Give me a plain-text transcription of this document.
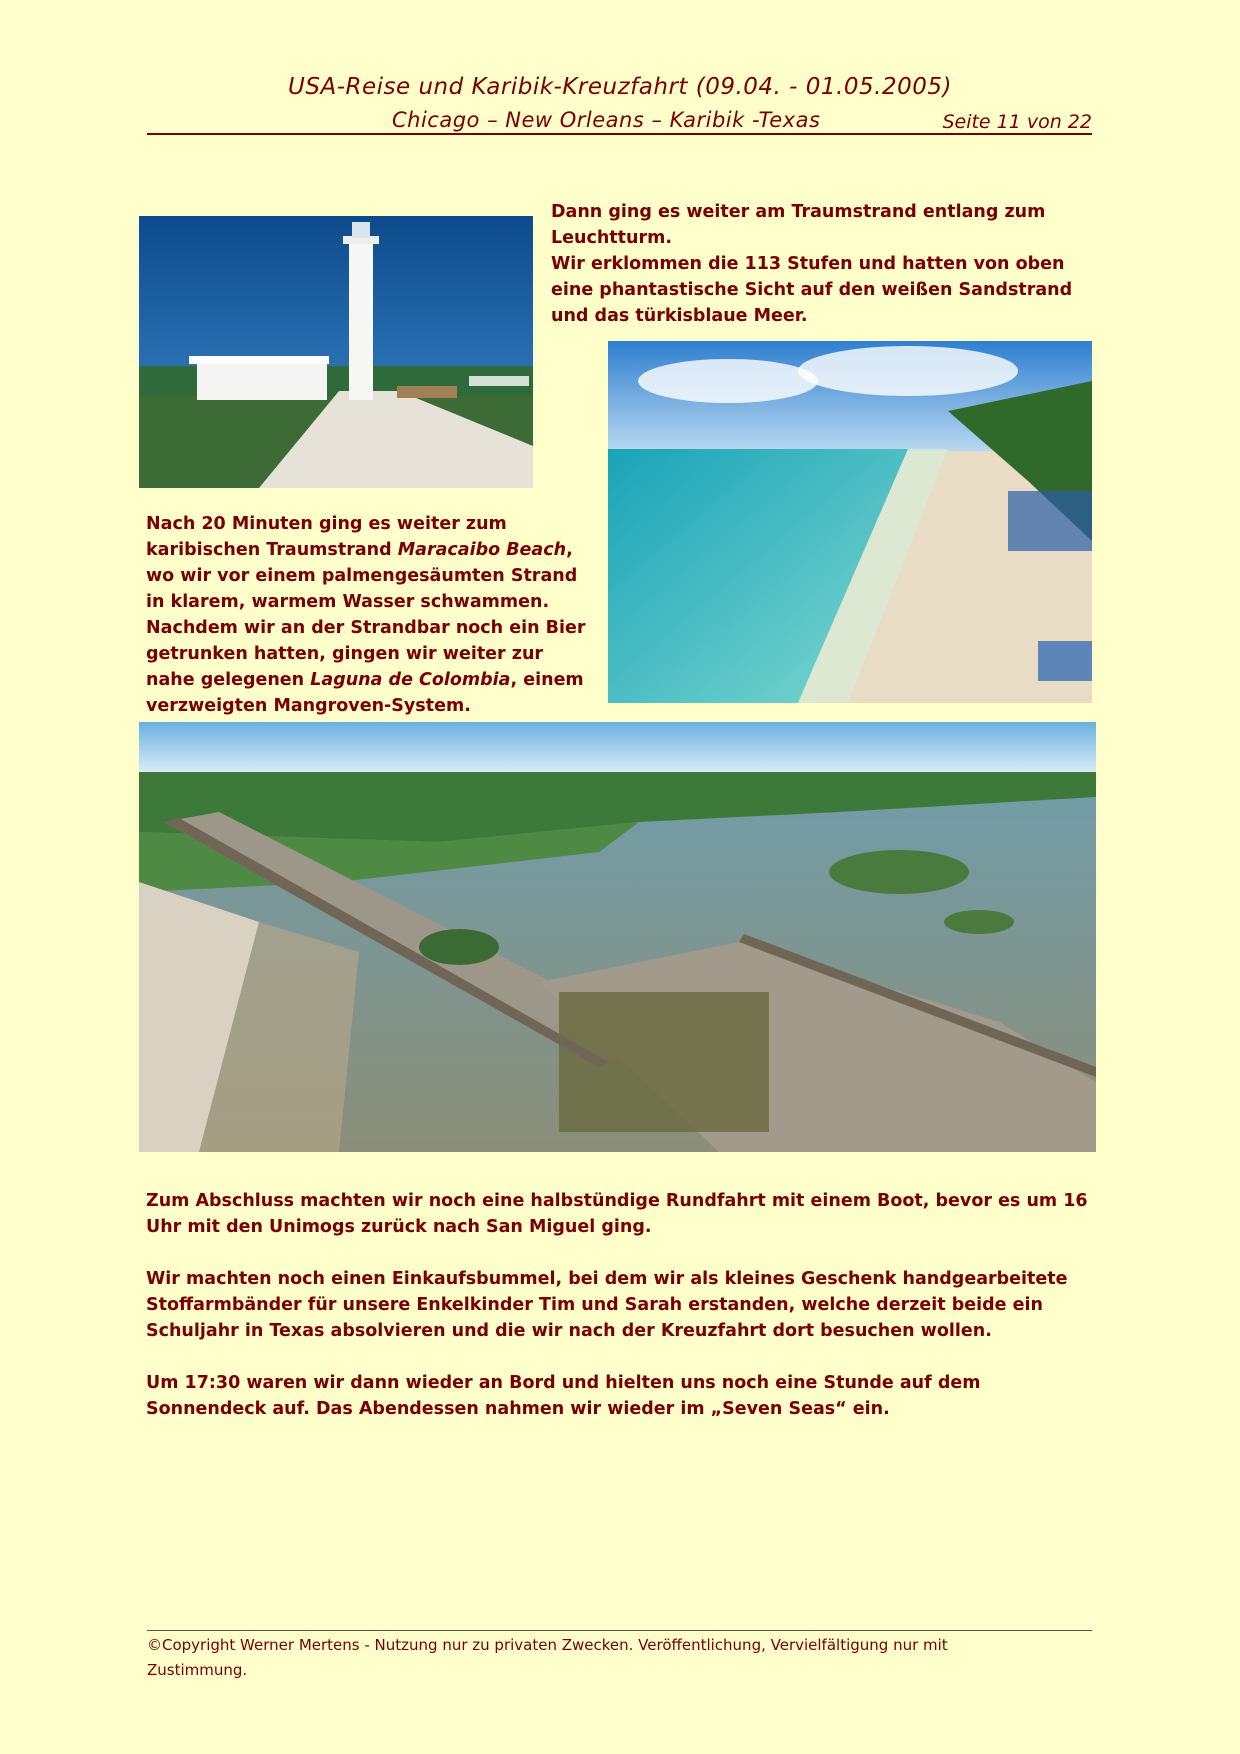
USA-Reise und Karibik-Kreuzfahrt (09.04. - 01.05.2005)
Chicago – New Orleans – Karibik -Texas	Seite 11 von 22

Dann ging es weiter am Traumstrand entlang zum Leuchtturm.
Wir erklommen die 113 Stufen und hatten von oben eine phantastische Sicht auf den weißen Sandstrand und das türkisblaue Meer.

Nach 20 Minuten ging es weiter zum karibischen Traumstrand Maracaibo Beach, wo wir vor einem palmengesäumten Strand in klarem, warmem Wasser schwammen. Nachdem wir an der Strandbar noch ein Bier getrunken hatten, gingen wir weiter zur nahe gelegenen Laguna de Colombia, einem verzweigten Mangroven-System.

Zum Abschluss machten wir noch eine halbstündige Rundfahrt mit einem Boot, bevor es um 16 Uhr mit den Unimogs zurück nach San Miguel ging.

Wir machten noch einen Einkaufsbummel, bei dem wir als kleines Geschenk handgearbeitete Stoffarmbänder für unsere Enkelkinder Tim und Sarah erstanden, welche derzeit beide ein Schuljahr in Texas absolvieren und die wir nach der Kreuzfahrt dort besuchen wollen.

Um 17:30 waren wir dann wieder an Bord und hielten uns noch eine Stunde auf dem Sonnendeck auf. Das Abendessen nahmen wir wieder im „Seven Seas“ ein.

©Copyright Werner Mertens - Nutzung nur zu privaten Zwecken. Veröffentlichung, Vervielfältigung nur mit Zustimmung.
